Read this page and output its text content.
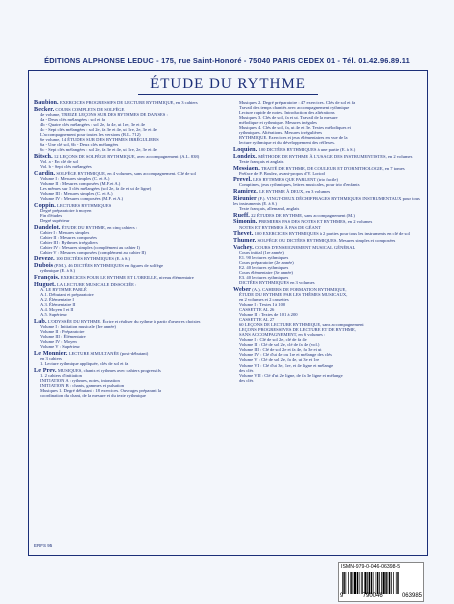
ÉDITIONS ALPHONSE LEDUC - 175, rue Saint-Honoré - 75040 PARIS CEDEX 01 - Tél. 01.42.96.89.11
ÉTUDE DU RYTHME
Baubion. EXERCICES PROGRESSIFS DE LECTURE RYTHMIQUE, en 3 cahiers
Becker. COURS COMPLETS DE SOLFÈGE
4e volume, TREIZE LEÇONS SUR DES RYTHMES DE DANSES :
4a - Deux clés mélangées : sol et fa
4b - Quatre clés mélangées : sol 2e, fa 4e, ut 1re, 3e et 4e
4c - Sept clés mélangées : sol 2e, fa 3e et 4e, ut 1re, 2e, 3e et 4e
L'accompagnement pour toutes les versions (B.L. 712)
6e volume, 14 ÉTUDES SUR DES RYTHMES IRRÉGULIERS
6a - Une clé sol, 6b - Deux clés mélangées
6c - Sept clés mélangées : sol 2e, fa 3e et 4e, ut 1re, 2e, 3e et 4e
Bitsch. 12 LEÇONS DE SOLFÈGE RYTHMIQUE, avec accompagnement (A.L. 838)
Vol. a - En clé de sol
Vol. b - Sept clés mélangées
Cardin. SOLFÈGE RYTHMIQUE, en 4 volumes, sans accompagnement. Clé de sol
Volume I : Mesures simples (C. et A.)
Volume II : Mesures composées (M.F.et A.)
Les mêmes sur 3 clés mélangées (sol 2e, fa 4e et ut 4e ligne)
Volume III : Mesures simples (C. et A.)
Volume IV : Mesures composées (M.F. et A.)
Coppin. LECTURES RYTHMIQUES
Degré préparatoire à moyen
Fin d'études
Degré supérieur
Dandelot. ÉTUDE DU RYTHME, en cinq cahiers :
Cahier I : Mesures simples
Cahier II : Mesures composées
Cahier III : Rythmes irréguliers
Cahier IV : Mesures simples (complément au cahier I)
Cahier V : Mesures composées (complément au cahier II)
Deveze. 100 DICTÉES RYTHMIQUES (E. à S.)
Dubois (P.M.). 46 DICTÉES RYTHMIQUES en figures de solfège
rythmique (E. à S.)
François. EXERCICES POUR LE RYTHME ET L'OREILLE, niveau élémentaire
Huguet. LA LECTURE MUSICALE DISSOCIÉE :
A. LE RYTHME PARLÉ
A.1. Débutant et préparatoire
A.2. Élémentaire I
A.3. Élémentaire II
A.4. Moyen I et II
A.5. Supérieur
Lab. L'ODYSSÉE DU RYTHME. Écrire et réaliser du rythme à partir d'œuvres choisies
Volume I : Initiation musicale (Ire année)
Volume II : Préparatoire
Volume III : Élémentaire
Volume IV : Moyen
Volume V : Supérieur
Le Monnier. LECTURE SIMULTANÉE (post-débutant)
en 3 cahiers
1. Lecture rythmique appliquée, clés de sol et fa
Le Prev. MUSIQUES, chants et rythmes avec cahiers progressifs
1. 2 cahiers d'initiation
INITIATION A : rythmes, notes, intonation
INITIATION B : chants, gammes et pulsation
Musiques 1. Degré débutant : 18 exercices. Ouvrages préparant la
coordination du chant, de la mesure et du texte rythmique
Musiques 2. Degré préparatoire : 47 exercices. Clés de sol et fa
Travail des temps chantés avec accompagnement rythmique
Lecture rapide de notes. Introduction des altérations
Musiques 3. Clés de sol, fa et ut. Travail de la mesure
mélodique et rythmique. Mesures inégales
Musiques 4. Clés de sol, fa, ut 4e et 3e. Textes mélodiques et
rythmiques. Altérations. Mesures irrégulières
RYTHMIQUE. Exercices et jeux élémentaires en vue de la
lecture rythmique et du développement des réflexes.
Loquien. 100 DICTÉES RYTHMIQUES à une partie (E. à S.)
Londeix. MÉTHODE DE RYTHME À L'USAGE DES INSTRUMENTISTES, en 2 volumes
Texte français et anglais
Messiaen. TRAITÉ DE RYTHME, DE COULEUR ET D'ORNITHOLOGIE, en 7 tomes
Préface de P. Boulez, avant-propos d'Y. Loriod
Prevel. LES RYTHMES QUE PARLENT (trio facile)
Comptines, jeux rythmiques, lettres musicales, pour trio d'enfants
Ramirez. LE RYTHME À DEUX, en 3 volumes
Rieunier (F.). VINGT-DEUX DÉCHIFFRAGES RYTHMIQUES INSTRUMENTAUX pour tous les instruments (E. à S.)
Texte français, allemand, anglais
Rueff. 22 ÉTUDES DE RYTHME, sans accompagnement (M.)
Simonin. PREMIERS PAS DES NOTES ET RYTHMES, en 2 volumes
NOTES ET RYTHMES À PAS DE GÉANT
Thevet. 100 EXERCICES RYTHMIQUES à 2 parties pour tous les instruments en clé de sol
Thumer. SOLFÈGE OU DICTÉES RYTHMIQUES. Mesures simples et composées
Vachey. COURS D'ENSEIGNEMENT MUSICAL GÉNÉRAL
Cours initial (1re année)
E1. 90 lectures rythmiques
Cours préparatoire (2e année)
E2. 40 lectures rythmiques
Cours élémentaire (3e année)
E3. 40 lectures rythmiques
DICTÉES RYTHMIQUES en 3 volumes
Weber (A.). CAHIERS DE FORMATION RYTHMIQUE,
ÉTUDE DU RYTHME PAR LES THÈMES MUSICAUX,
en 2 volumes et 2 cassettes
Volume I : Textes I à 100
CASSETTE AL 26
Volume II : Textes de 101 à 200
CASSETTE AL 27
60 LEÇONS DE LECTURE RYTHMIQUE, sans accompagnement
LEÇONS PROGRESSIVES DE LECTURE ET DE RYTHME,
SANS ACCOMPAGNEMENT, en 6 volumes :
Volume I : Clé de sol 2e, clé de fa 4e
Volume II : Clé de sol 2e, clé de fa 4e (vol.)
Volume III : Clé de sol 2e et fa 4e, fa 3e et ut
Volume IV : Clé d'ut 4e ou 1re et mélange des clés
Volume V : Clé de sol 2e, fa 4e, ut 3e et 1re
Volume VI : Clé d'ut 3e, 1re, et 4e ligne et mélange
des clés
Volume VII : Clé d'ut 2e ligne, de fa 3e ligne et mélange
des clés
ERFS 95
ISMN-979-0-046-06398-5
9	790046	063985
